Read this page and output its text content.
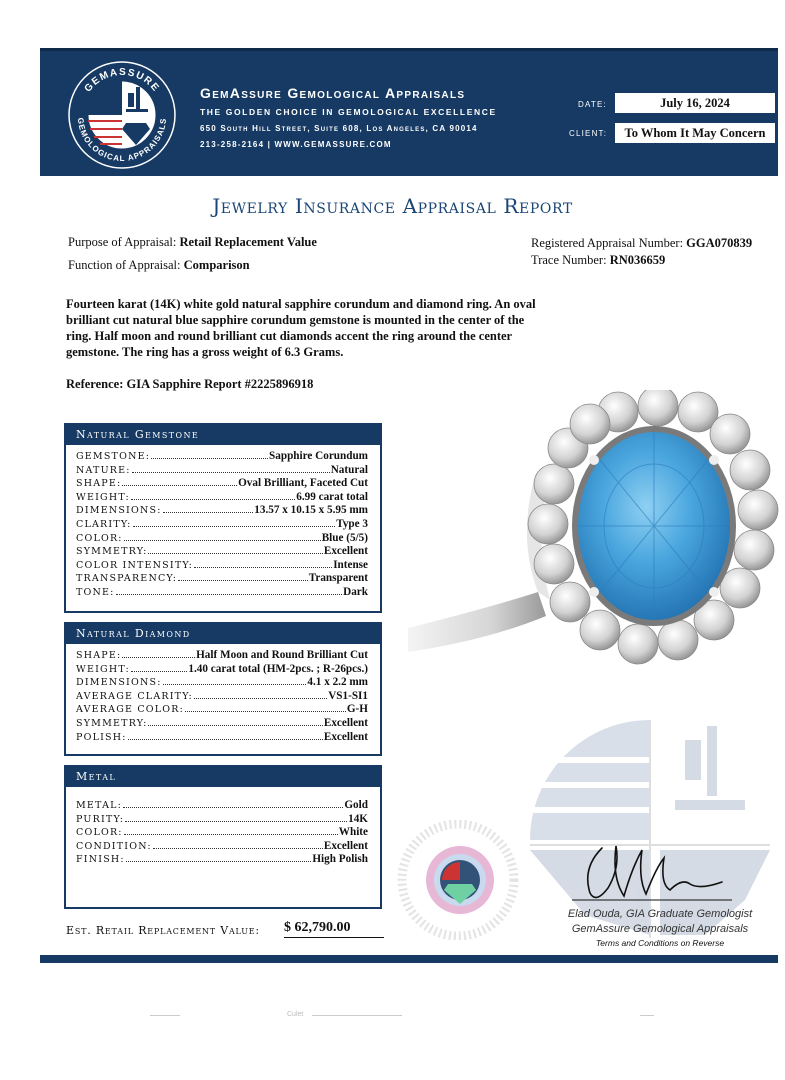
GEMASSURE
GEMOLOGICAL APPRAISALS
GemAssure Gemological Appraisals
THE GOLDEN CHOICE IN GEMOLOGICAL EXCELLENCE
650 South Hill Street, Suite 608, Los Angeles, CA 90014
213-258-2164 | WWW.GEMASSURE.COM
DATE:	July 16, 2024
CLIENT:	To Whom It May Concern
Jewelry Insurance Appraisal Report
Purpose of Appraisal: Retail Replacement Value
Function of Appraisal: Comparison
Registered Appraisal Number: GGA070839
Trace Number: RN036659
Fourteen karat (14K) white gold natural sapphire corundum and diamond ring. An oval brilliant cut natural blue sapphire corundum gemstone is mounted in the center of the ring. Half moon and round brilliant cut diamonds accent the ring around the center gemstone. The ring has a gross weight of 6.3 Grams.
Reference: GIA Sapphire Report #2225896918
Natural Gemstone
GEMSTONE:	Sapphire Corundum
NATURE:	Natural
SHAPE:	Oval Brilliant, Faceted Cut
WEIGHT:	6.99 carat total
DIMENSIONS:	13.57 x 10.15 x 5.95 mm
CLARITY:	Type 3
COLOR:	Blue (5/5)
SYMMETRY:	Excellent
COLOR INTENSITY:	Intense
TRANSPARENCY:	Transparent
TONE:	Dark
Natural Diamond
SHAPE:	Half Moon and Round Brilliant Cut
WEIGHT:	1.40 carat total (HM-2pcs. ; R-26pcs.)
DIMENSIONS:	4.1 x 2.2 mm
AVERAGE CLARITY:	VS1-SI1
AVERAGE COLOR:	G-H
SYMMETRY:	Excellent
POLISH:	Excellent
Metal
METAL:	Gold
PURITY:	14K
COLOR:	White
CONDITION:	Excellent
FINISH:	High Polish
Est. Retail Replacement Value: $ 62,790.00
Elad Ouda, GIA Graduate Gemologist
GemAssure Gemological Appraisals
Terms and Conditions on Reverse
Culet
